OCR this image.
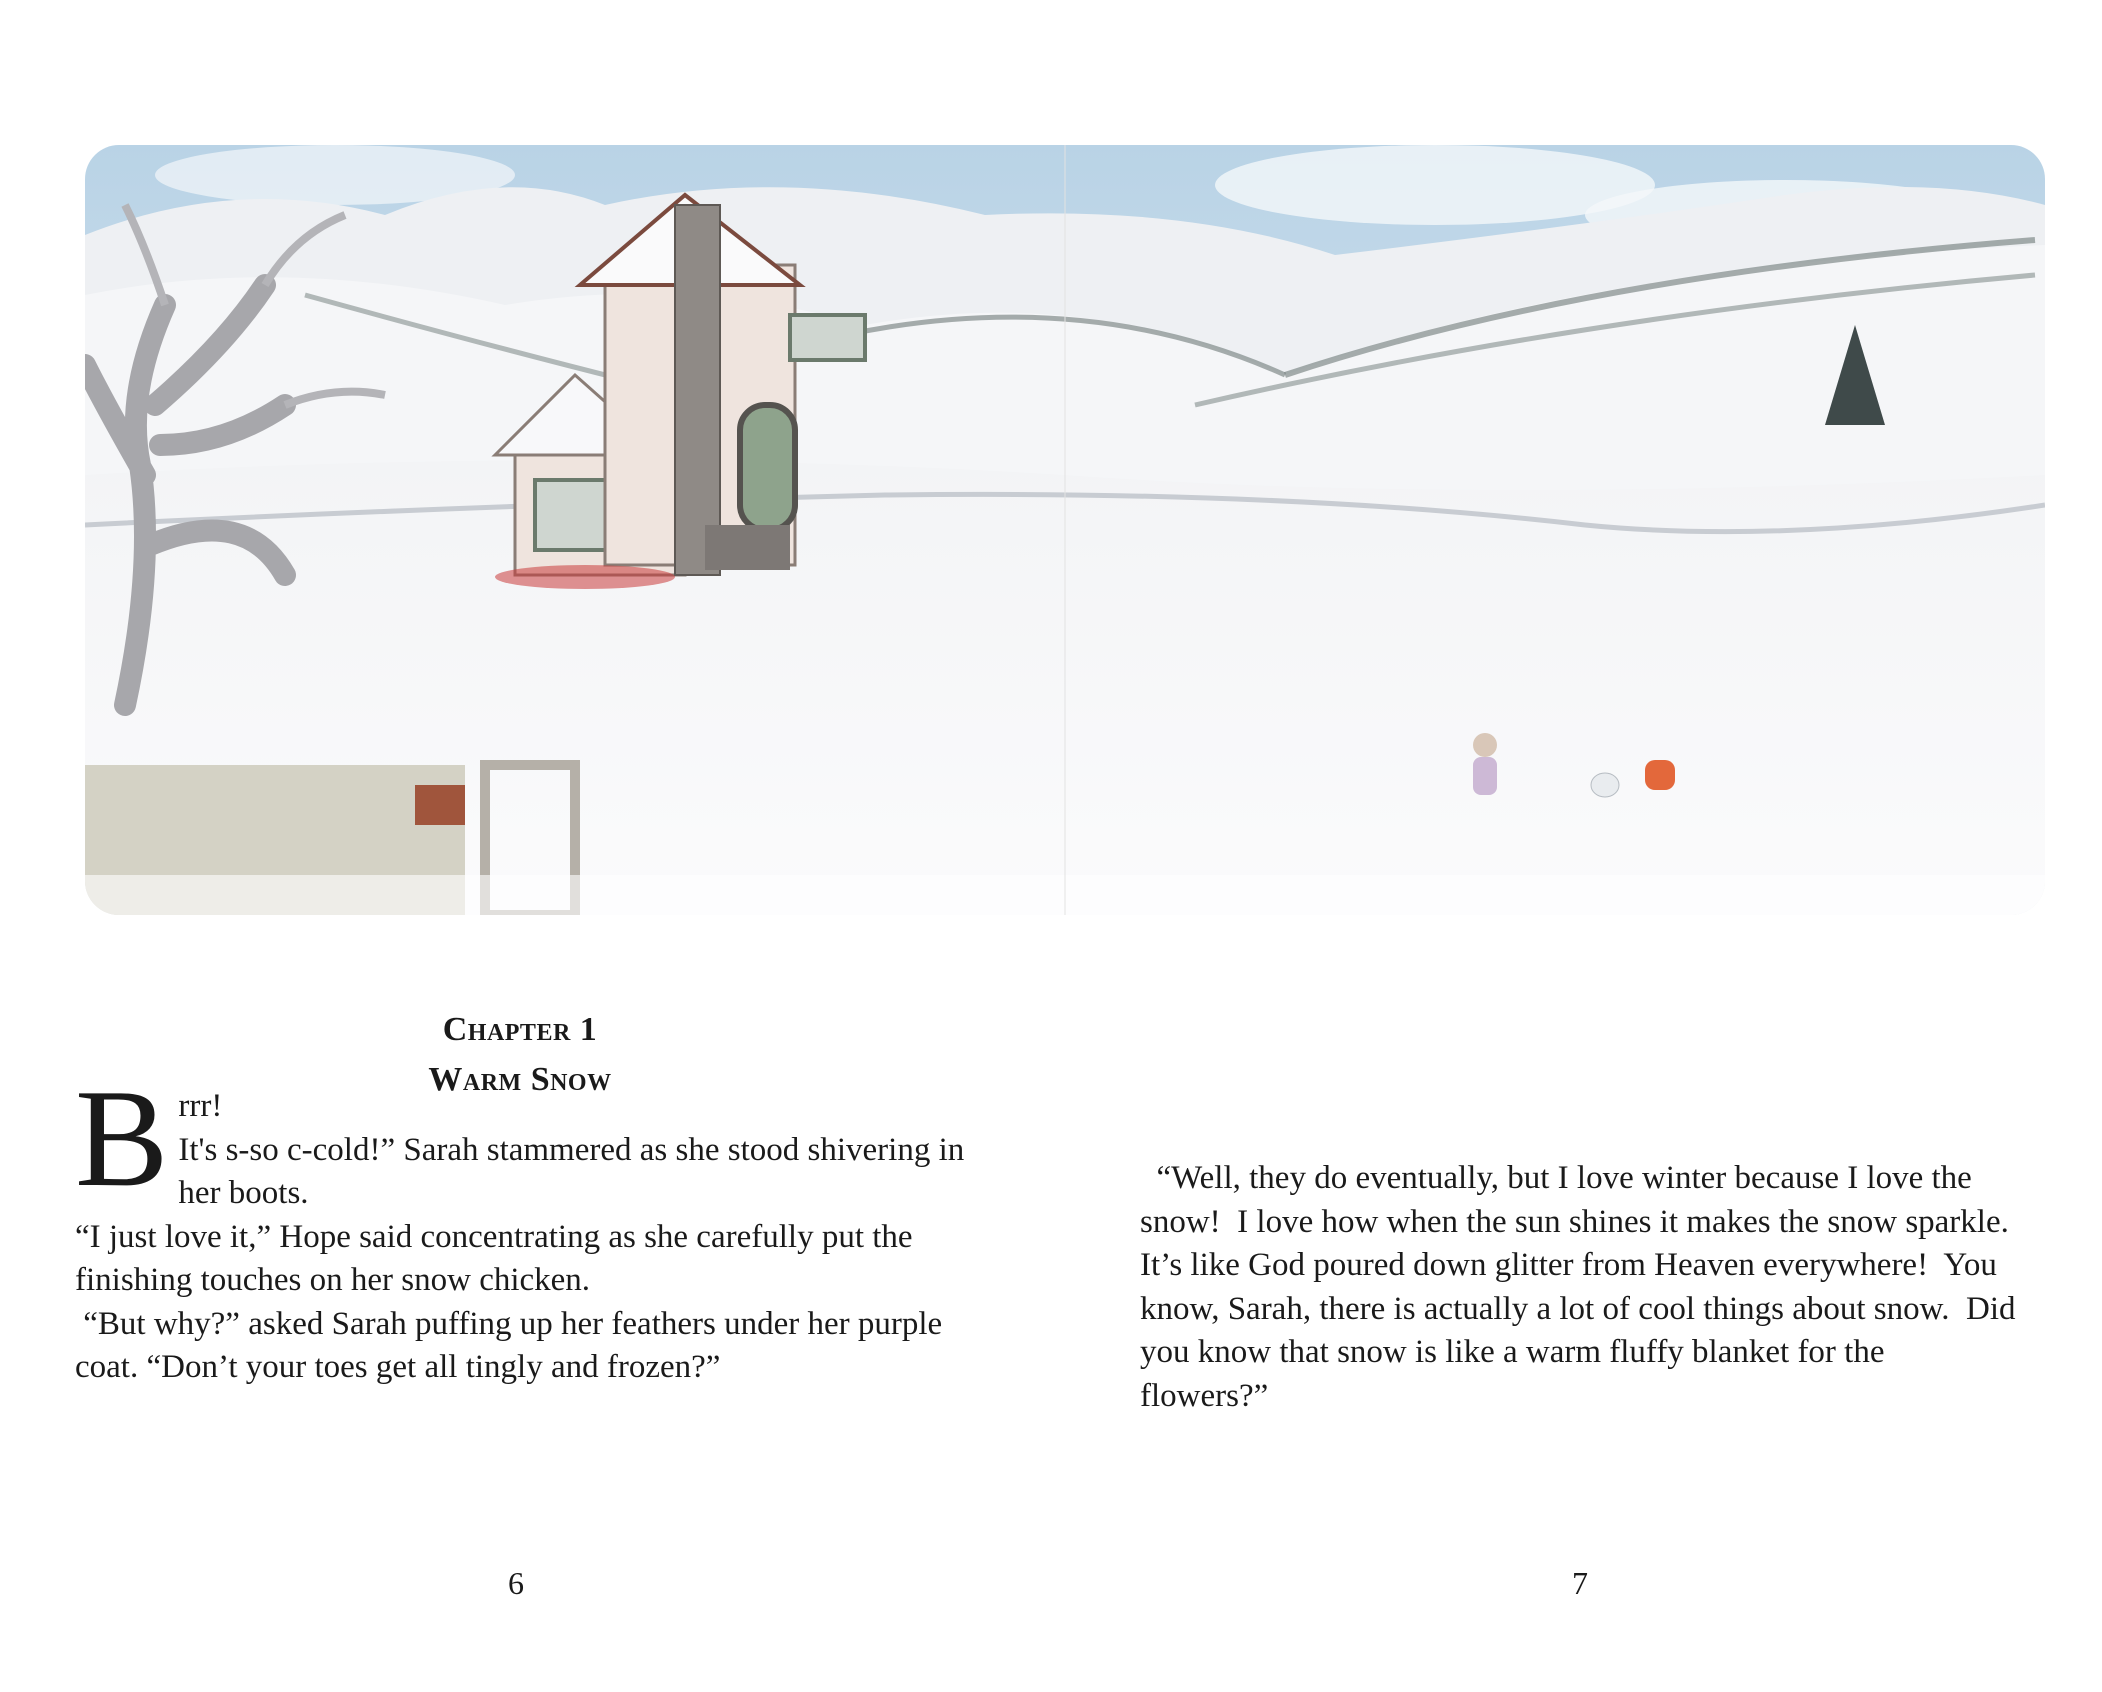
Chapter 1
Warm Snow
B rrr!

It's s-so c-cold!” Sarah stammered as she stood shivering in her boots.

“I just love it,” Hope said concentrating as she carefully put the finishing touches on her snow chicken.

“But why?” asked Sarah puffing up her feathers under her purple coat. “Don’t your toes get all tingly and frozen?”

“Well, they do eventually, but I love winter because I love the snow!  I love how when the sun shines it makes the snow sparkle.  It’s like God poured down glitter from Heaven everywhere!  You know, Sarah, there is actually a lot of cool things about snow.  Did you know that snow is like a warm fluffy blanket for the flowers?”

6	7
